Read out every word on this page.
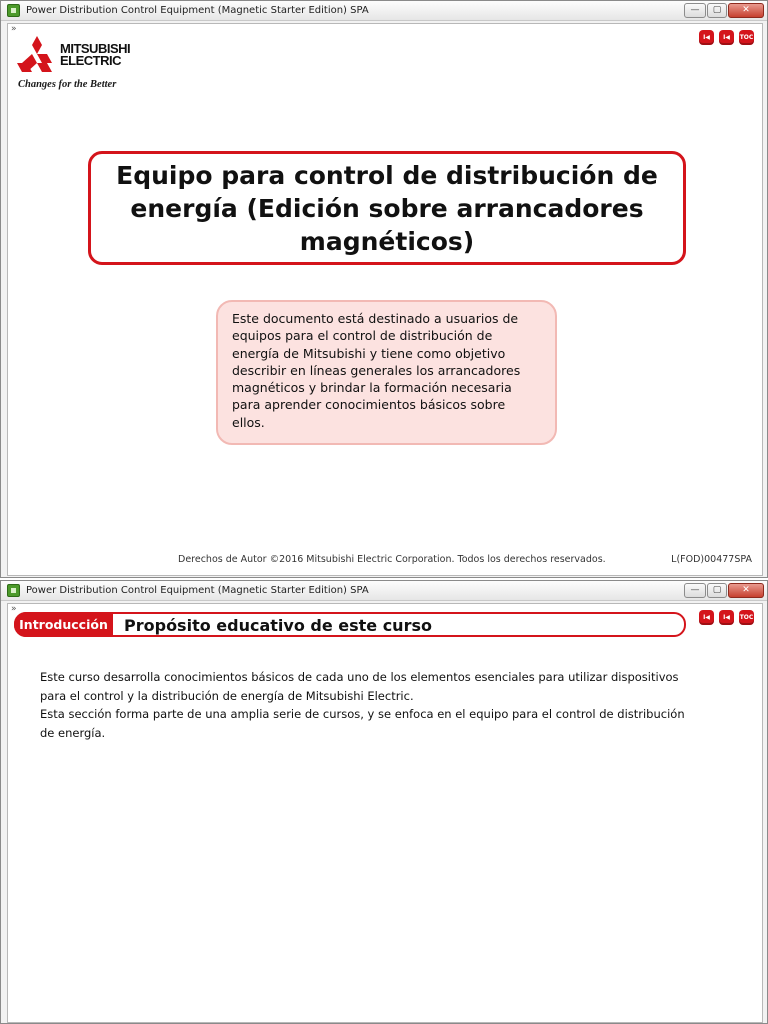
Power Distribution Control Equipment (Magnetic Starter Edition) SPA	—	▢	✕
»
MITSUBISHI
ELECTRIC
Changes for the Better
I◀	I◀	TOC
Equipo para control de distribución de energía (Edición sobre arrancadores magnéticos)
Este documento está destinado a usuarios de equipos para el control de distribución de energía de Mitsubishi y tiene como objetivo describir en líneas generales los arrancadores magnéticos y brindar la formación necesaria para aprender conocimientos básicos sobre ellos.
Derechos de Autor ©2016 Mitsubishi Electric Corporation. Todos los derechos reservados.	L(FOD)00477SPA
Power Distribution Control Equipment (Magnetic Starter Edition) SPA	—	▢	✕
»
Introducción	Propósito educativo de este curso	I◀	I◀	TOC

Este curso desarrolla conocimientos básicos de cada uno de los elementos esenciales para utilizar dispositivos para el control y la distribución de energía de Mitsubishi Electric.

Esta sección forma parte de una amplia serie de cursos, y se enfoca en el equipo para el control de distribución de energía.
